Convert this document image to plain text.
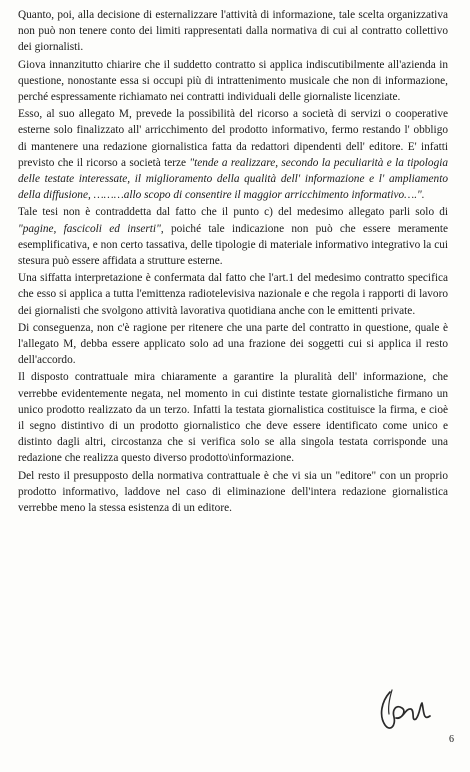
Quanto, poi, alla decisione di esternalizzare l'attività di informazione, tale scelta organizzativa non può non tenere conto dei limiti rappresentati dalla normativa di cui al contratto collettivo dei giornalisti.

Giova innanzitutto chiarire che il suddetto contratto si applica indiscutibilmente all'azienda in questione, nonostante essa si occupi più di intrattenimento musicale che non di informazione, perché espressamente richiamato nei contratti individuali delle giornaliste licenziate.

Esso, al suo allegato M, prevede la possibilità del ricorso a società di servizi o cooperative esterne solo finalizzato all' arricchimento del prodotto informativo, fermo restando l' obbligo di mantenere una redazione giornalistica fatta da redattori dipendenti dell' editore. E' infatti previsto che il ricorso a società terze "tende a realizzare, secondo la peculiarità e la tipologia delle testate interessate, il miglioramento della qualità dell' informazione e l' ampliamento della diffusione, ………allo scopo di consentire il maggior arricchimento informativo….".

Tale tesi non è contraddetta dal fatto che il punto c) del medesimo allegato parli solo di "pagine, fascicoli ed inserti", poiché tale indicazione non può che essere meramente esemplificativa, e non certo tassativa, delle tipologie di materiale informativo integrativo la cui stesura può essere affidata a strutture esterne.

Una siffatta interpretazione è confermata dal fatto che l'art.1 del medesimo contratto specifica che esso si applica a tutta l'emittenza radiotelevisiva nazionale e che regola i rapporti di lavoro dei giornalisti che svolgono attività lavorativa quotidiana anche con le emittenti private.

Di conseguenza, non c'è ragione per ritenere che una parte del contratto in questione, quale è l'allegato M, debba essere applicato solo ad una frazione dei soggetti cui si applica il resto dell'accordo.

Il disposto contrattuale mira chiaramente a garantire la pluralità dell' informazione, che verrebbe evidentemente negata, nel momento in cui distinte testate giornalistiche firmano un unico prodotto realizzato da un terzo. Infatti la testata giornalistica costituisce la firma, e cioè il segno distintivo di un prodotto giornalistico che deve essere identificato come unico e distinto dagli altri, circostanza che si verifica solo se alla singola testata corrisponde una redazione che realizza questo diverso prodotto\informazione.

Del resto il presupposto della normativa contrattuale è che vi sia un "editore" con un proprio prodotto informativo, laddove nel caso di eliminazione dell'intera redazione giornalistica verrebbe meno la stessa esistenza di un editore.

6
